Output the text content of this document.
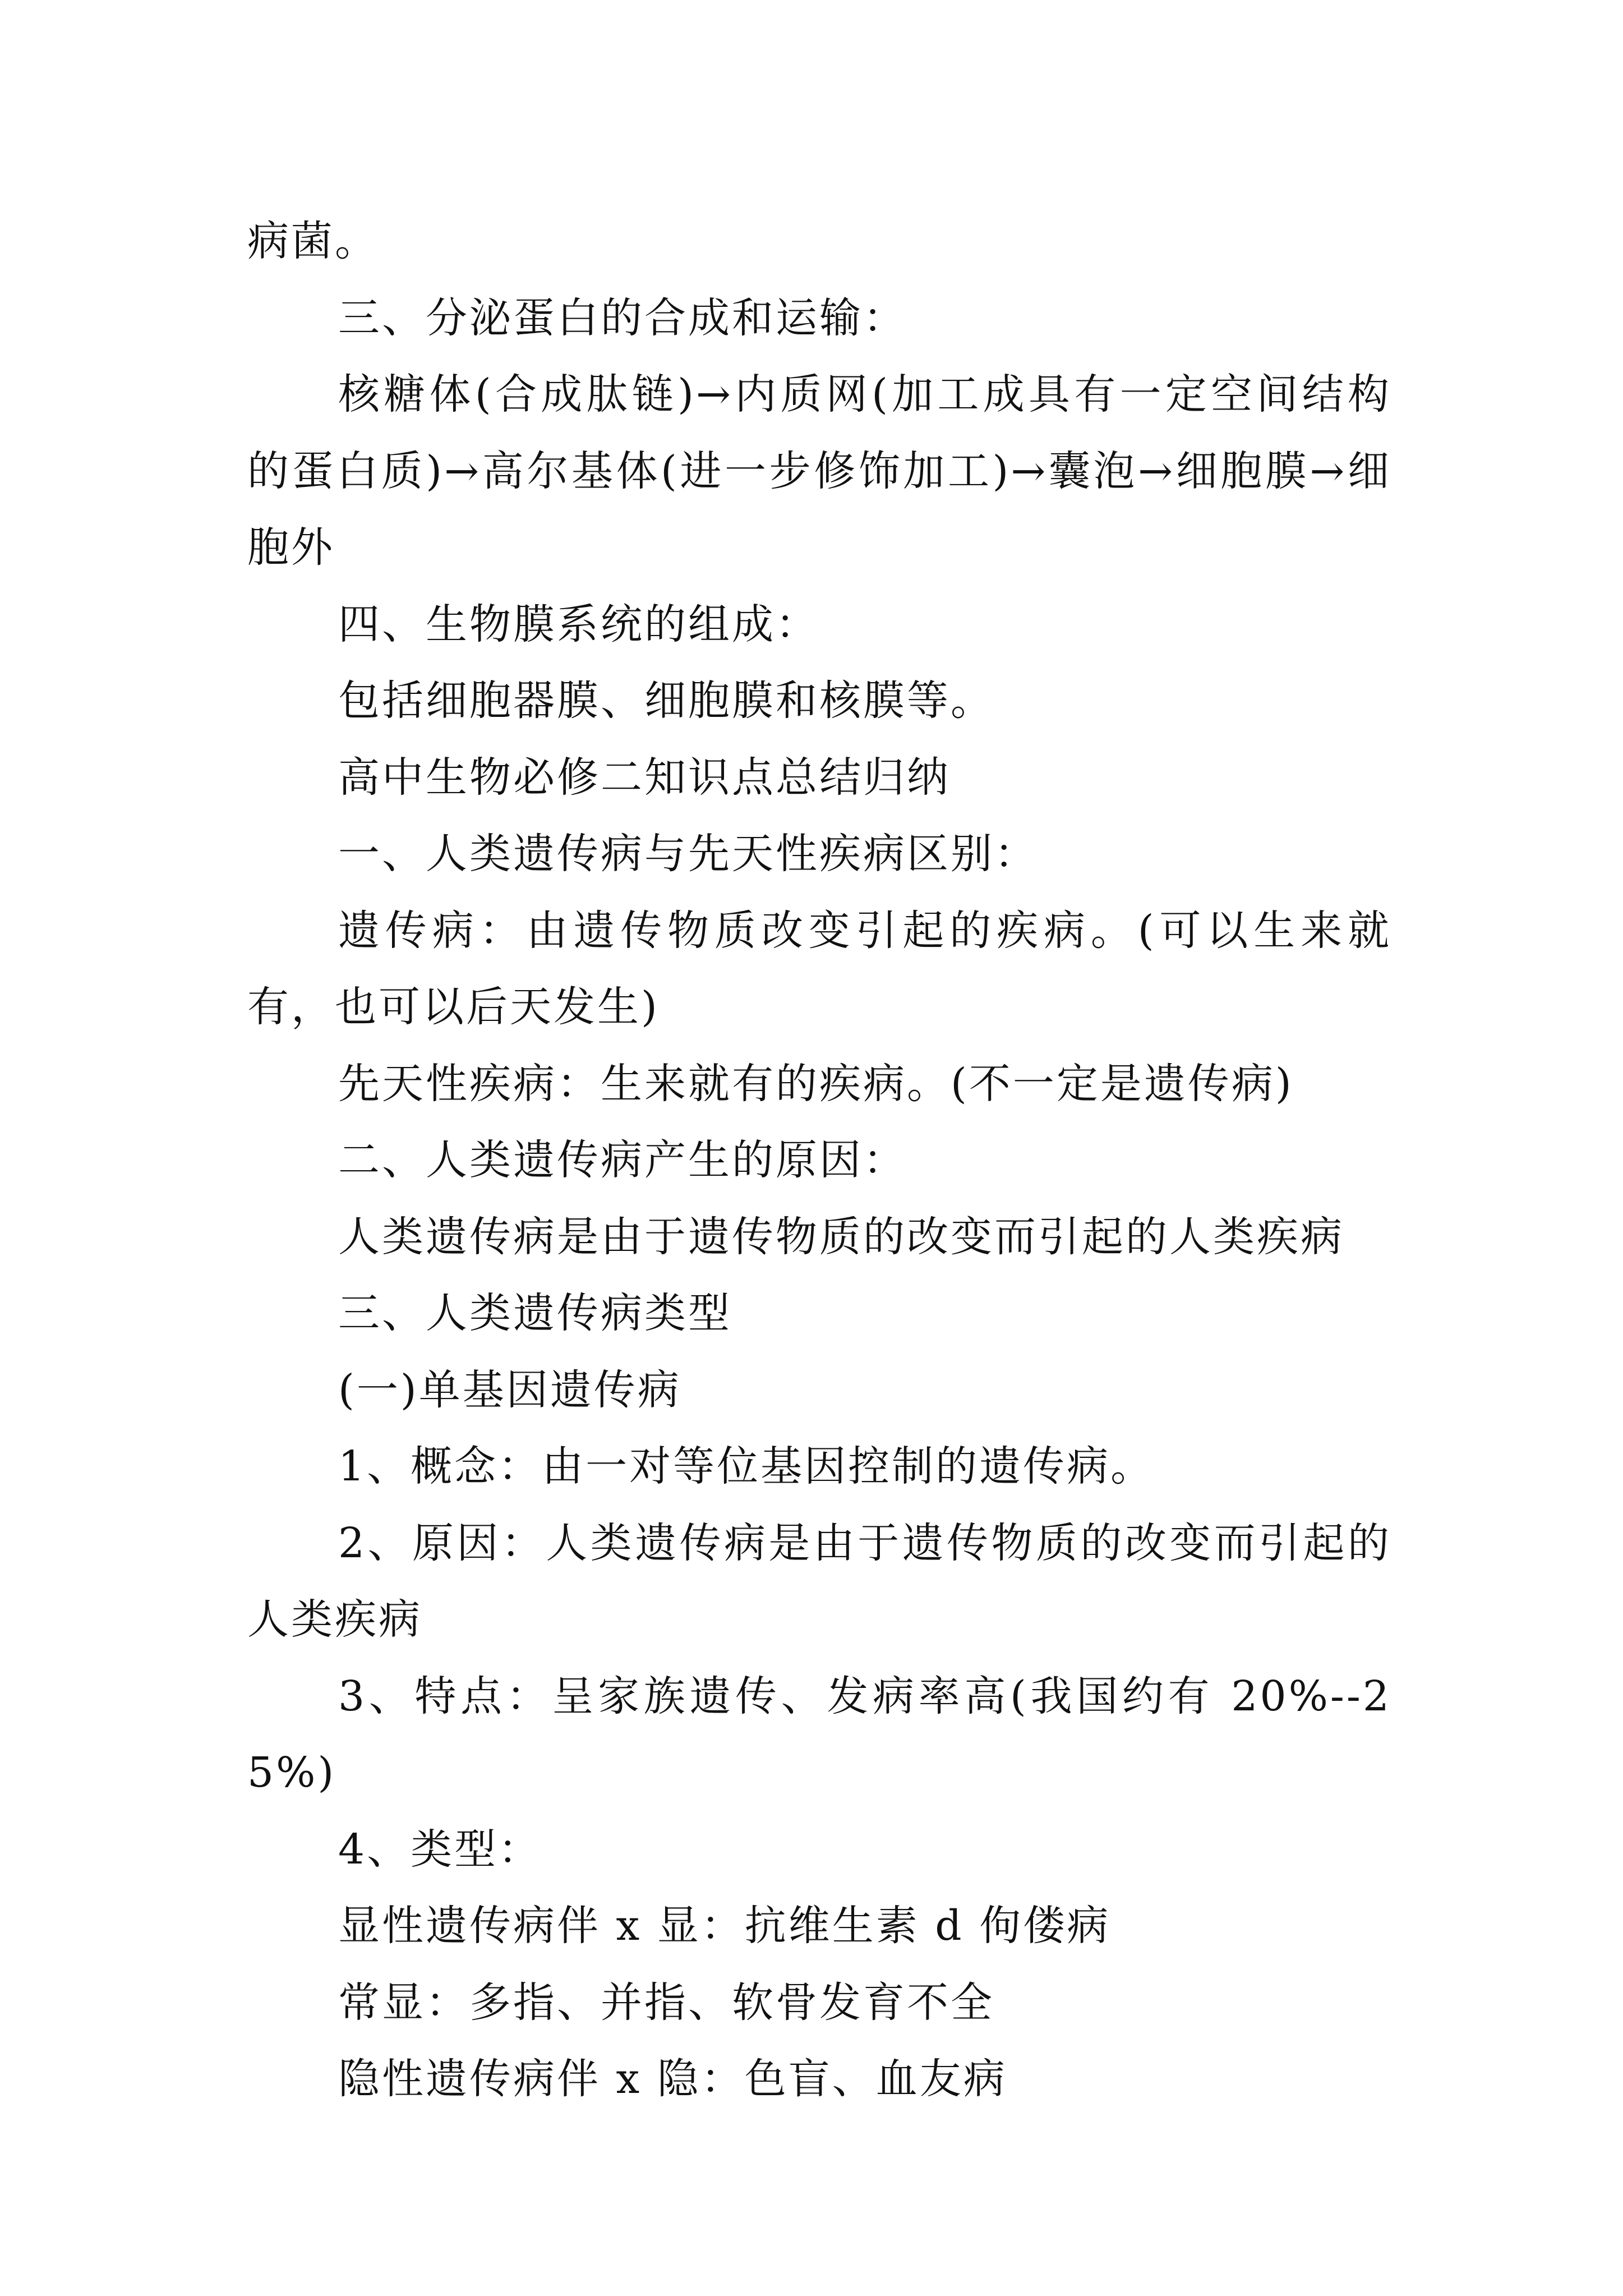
病菌。

三、分泌蛋白的合成和运输：

核糖体(合成肽链)→内质网(加工成具有一定空间结构的蛋白质)→高尔基体(进一步修饰加工)→囊泡→细胞膜→细胞外

四、生物膜系统的组成：

包括细胞器膜、细胞膜和核膜等。

高中生物必修二知识点总结归纳

一、人类遗传病与先天性疾病区别：

遗传病：由遗传物质改变引起的疾病。(可以生来就有，也可以后天发生)

先天性疾病：生来就有的疾病。(不一定是遗传病)

二、人类遗传病产生的原因：

人类遗传病是由于遗传物质的改变而引起的人类疾病

三、人类遗传病类型

(一)单基因遗传病

1、概念：由一对等位基因控制的遗传病。

2、原因：人类遗传病是由于遗传物质的改变而引起的人类疾病

3、特点：呈家族遗传、发病率高(我国约有 20%--25%)

4、类型：

显性遗传病伴 x 显：抗维生素 d 佝偻病

常显：多指、并指、软骨发育不全

隐性遗传病伴 x 隐：色盲、血友病
